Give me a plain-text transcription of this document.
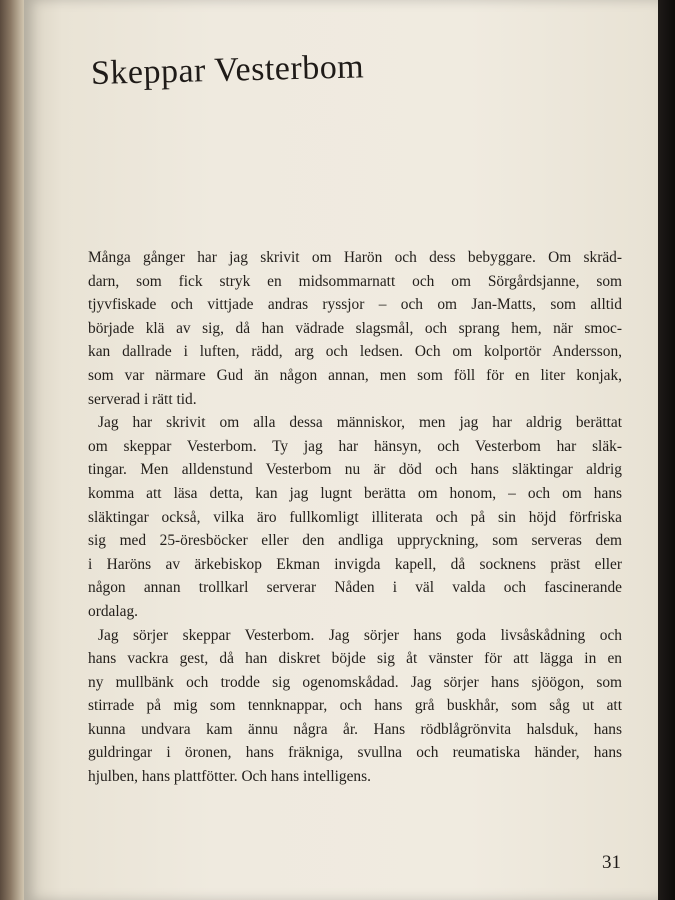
Skeppar Vesterbom

Många gånger har jag skrivit om Harön och dess bebyggare. Om skräd-
darn, som fick stryk en midsommarnatt och om Sörgårdsjanne, som
tjyvfiskade och vittjade andras ryssjor – och om Jan-Matts, som alltid
började klä av sig, då han vädrade slagsmål, och sprang hem, när smoc-
kan dallrade i luften, rädd, arg och ledsen. Och om kolportör Andersson,
som var närmare Gud än någon annan, men som föll för en liter konjak,
serverad i rätt tid.

Jag har skrivit om alla dessa människor, men jag har aldrig berättat
om skeppar Vesterbom. Ty jag har hänsyn, och Vesterbom har släk-
tingar. Men alldenstund Vesterbom nu är död och hans släktingar aldrig
komma att läsa detta, kan jag lugnt berätta om honom, – och om hans
släktingar också, vilka äro fullkomligt illiterata och på sin höjd förfriska
sig med 25-öresböcker eller den andliga uppryckning, som serveras dem
i Haröns av ärkebiskop Ekman invigda kapell, då socknens präst eller
någon annan trollkarl serverar Nåden i väl valda och fascinerande
ordalag.

Jag sörjer skeppar Vesterbom. Jag sörjer hans goda livsåskådning och
hans vackra gest, då han diskret böjde sig åt vänster för att lägga in en
ny mullbänk och trodde sig ogenomskådad. Jag sörjer hans sjöögon, som
stirrade på mig som tennknappar, och hans grå buskhår, som såg ut att
kunna undvara kam ännu några år. Hans rödblågrönvita halsduk, hans
guldringar i öronen, hans fräkniga, svullna och reumatiska händer, hans
hjulben, hans plattfötter. Och hans intelligens.

31
